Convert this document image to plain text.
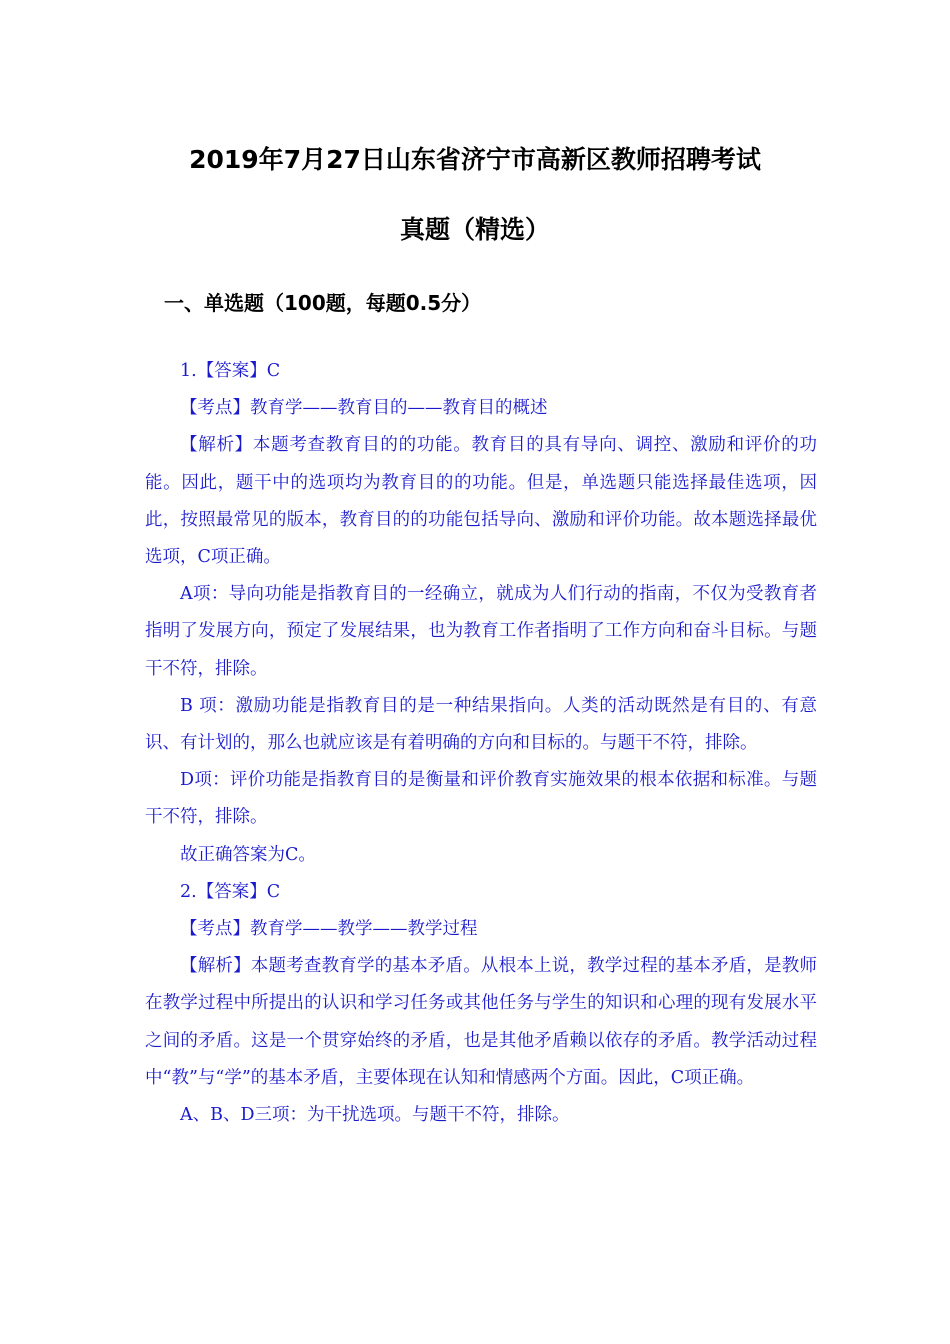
2019年7月27日山东省济宁市高新区教师招聘考试
真题（精选）
一、单选题（100题，每题0.5分）

1.【答案】C

【考点】教育学——教育目的——教育目的概述

【解析】本题考查教育目的的功能。教育目的具有导向、调控、激励和评价的功能。因此，题干中的选项均为教育目的的功能。但是，单选题只能选择最佳选项，因此，按照最常见的版本，教育目的的功能包括导向、激励和评价功能。故本题选择最优选项，C项正确。

A项：导向功能是指教育目的一经确立，就成为人们行动的指南，不仅为受教育者指明了发展方向，预定了发展结果，也为教育工作者指明了工作方向和奋斗目标。与题干不符，排除。

B 项：激励功能是指教育目的是一种结果指向。人类的活动既然是有目的、有意识、有计划的，那么也就应该是有着明确的方向和目标的。与题干不符，排除。

D项：评价功能是指教育目的是衡量和评价教育实施效果的根本依据和标准。与题干不符，排除。

故正确答案为C。

2.【答案】C

【考点】教育学——教学——教学过程

【解析】本题考查教育学的基本矛盾。从根本上说，教学过程的基本矛盾，是教师在教学过程中所提出的认识和学习任务或其他任务与学生的知识和心理的现有发展水平之间的矛盾。这是一个贯穿始终的矛盾，也是其他矛盾赖以依存的矛盾。教学活动过程中“教”与“学”的基本矛盾，主要体现在认知和情感两个方面。因此，C项正确。

A、B、D三项：为干扰选项。与题干不符，排除。
